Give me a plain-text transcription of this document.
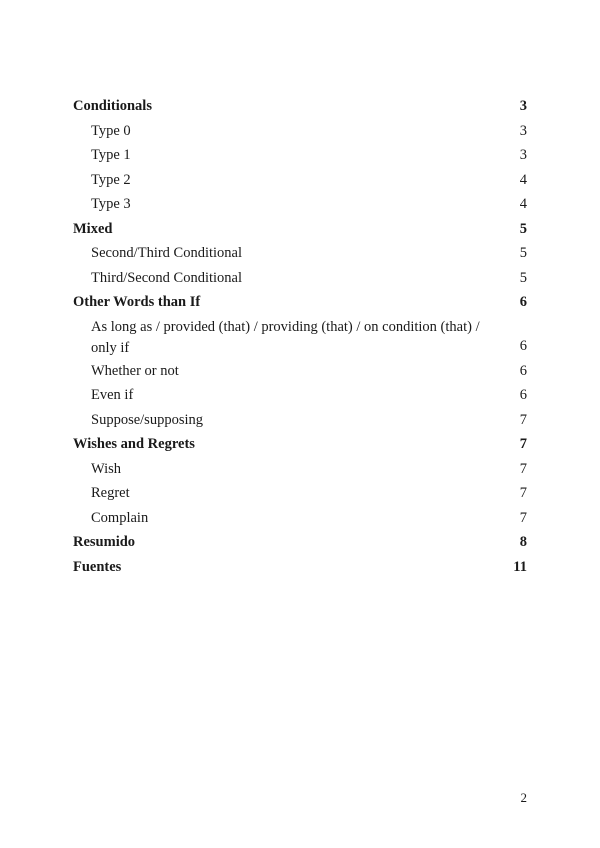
Conditionals	3
Type 0	3
Type 1	3
Type 2	4
Type 3	4
Mixed	5
Second/Third Conditional	5
Third/Second Conditional	5
Other Words than If	6
As long as / provided (that) / providing (that) / on condition (that) / only if	6
Whether or not	6
Even if	6
Suppose/supposing	7
Wishes and Regrets	7
Wish	7
Regret	7
Complain	7
Resumido	8
Fuentes	11
2
